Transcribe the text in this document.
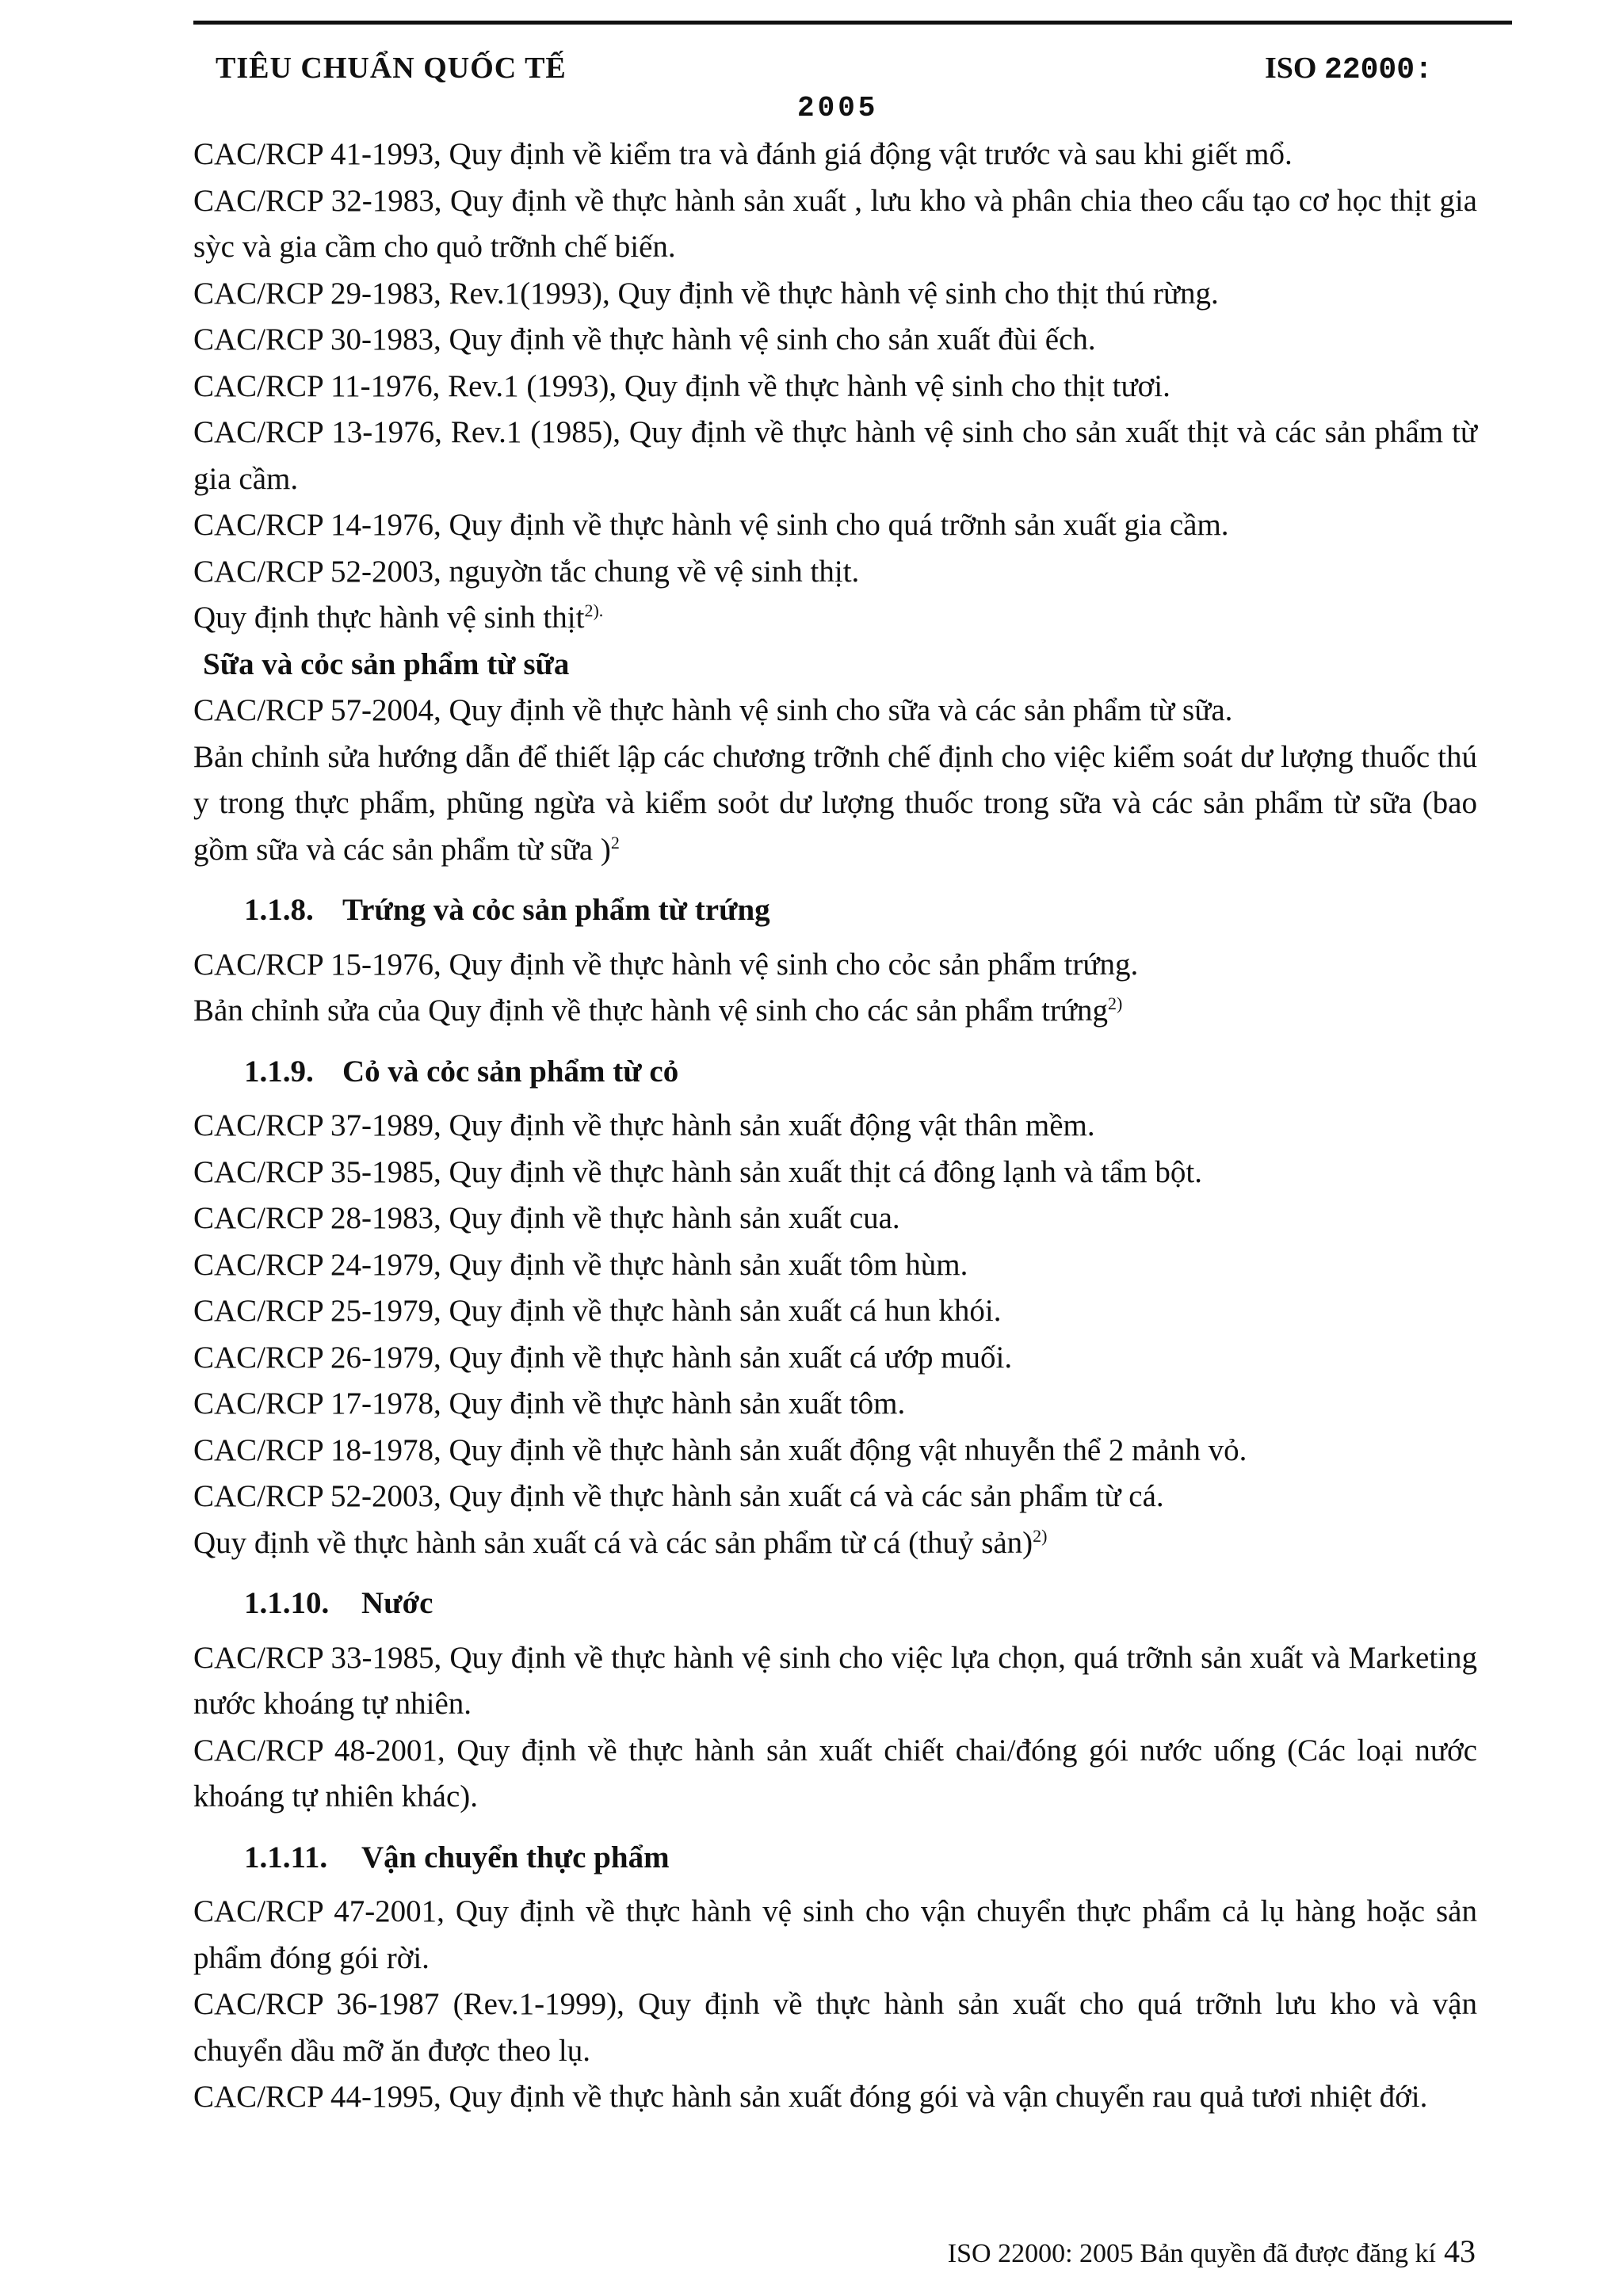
TIÊU CHUẨN QUỐC TẾ	ISO 22000:
2005

CAC/RCP 41-1993, Quy định về kiểm tra và đánh giá động vật trước và sau khi giết mổ.

CAC/RCP 32-1983, Quy định về thực hành sản xuất , lưu kho và phân chia theo cấu tạo cơ học thịt gia sỳc và gia cầm cho quỏ trỡnh chế biến.

CAC/RCP 29-1983, Rev.1(1993), Quy định về thực hành vệ sinh cho thịt thú rừng.

CAC/RCP 30-1983, Quy định về thực hành vệ sinh cho sản xuất đùi ếch.

CAC/RCP 11-1976, Rev.1 (1993), Quy định về thực hành vệ sinh cho thịt tươi.

CAC/RCP 13-1976, Rev.1 (1985), Quy định về thực hành vệ sinh cho sản xuất thịt và các sản phẩm từ gia cầm.

CAC/RCP 14-1976, Quy định về thực hành vệ sinh cho quá trỡnh sản xuất gia cầm.

CAC/RCP 52-2003, nguyờn tắc chung về vệ sinh thịt.

Quy định thực hành vệ sinh thịt$^{2).}$

Sữa và cỏc sản phẩm từ sữa

CAC/RCP 57-2004, Quy định về thực hành vệ sinh cho sữa và các sản phẩm từ sữa.

Bản chỉnh sửa hướng dẫn để thiết lập các chương trỡnh chế định cho việc kiểm soát dư lượng thuốc thú y trong thực phẩm, phũng ngừa và kiểm soỏt dư lượng thuốc trong sữa và các sản phẩm từ sữa (bao gồm sữa và các sản phẩm từ sữa )$^2$

1.1.8. Trứng và cỏc sản phẩm từ trứng

CAC/RCP 15-1976, Quy định về thực hành vệ sinh cho cỏc sản phẩm trứng.

Bản chỉnh sửa của Quy định về thực hành vệ sinh cho các sản phẩm trứng$^{2)}$

1.1.9. Cỏ và cỏc sản phẩm từ cỏ

CAC/RCP 37-1989, Quy định về thực hành sản xuất động vật thân mềm.

CAC/RCP 35-1985, Quy định về thực hành sản xuất thịt cá đông lạnh và tẩm bột.

CAC/RCP 28-1983, Quy định về thực hành sản xuất cua.

CAC/RCP 24-1979, Quy định về thực hành sản xuất tôm hùm.

CAC/RCP 25-1979, Quy định về thực hành sản xuất cá hun khói.

CAC/RCP 26-1979, Quy định về thực hành sản xuất cá ướp muối.

CAC/RCP 17-1978, Quy định về thực hành sản xuất tôm.

CAC/RCP 18-1978, Quy định về thực hành sản xuất động vật nhuyễn thể 2 mảnh vỏ.

CAC/RCP 52-2003, Quy định về thực hành sản xuất cá và các sản phẩm từ cá.

Quy định về thực hành sản xuất cá và các sản phẩm từ cá (thuỷ sản)$^{2)}$

1.1.10. Nước

CAC/RCP 33-1985, Quy định về thực hành vệ sinh cho việc lựa chọn, quá trỡnh sản xuất và Marketing nước khoáng tự nhiên.

CAC/RCP 48-2001, Quy định về thực hành sản xuất chiết chai/đóng gói nước uống (Các loại nước khoáng tự nhiên khác).

1.1.11. Vận chuyển thực phẩm

CAC/RCP 47-2001, Quy định về thực hành vệ sinh cho vận chuyển thực phẩm cả lụ hàng hoặc sản phẩm đóng gói rời.

CAC/RCP 36-1987 (Rev.1-1999), Quy định về thực hành sản xuất cho quá trỡnh lưu kho và vận chuyển dầu mỡ ăn được theo lụ.

CAC/RCP 44-1995, Quy định về thực hành sản xuất đóng gói và vận chuyển rau quả tươi nhiệt đới.

ISO 22000: 2005 Bản quyền đã được đăng kí 43
